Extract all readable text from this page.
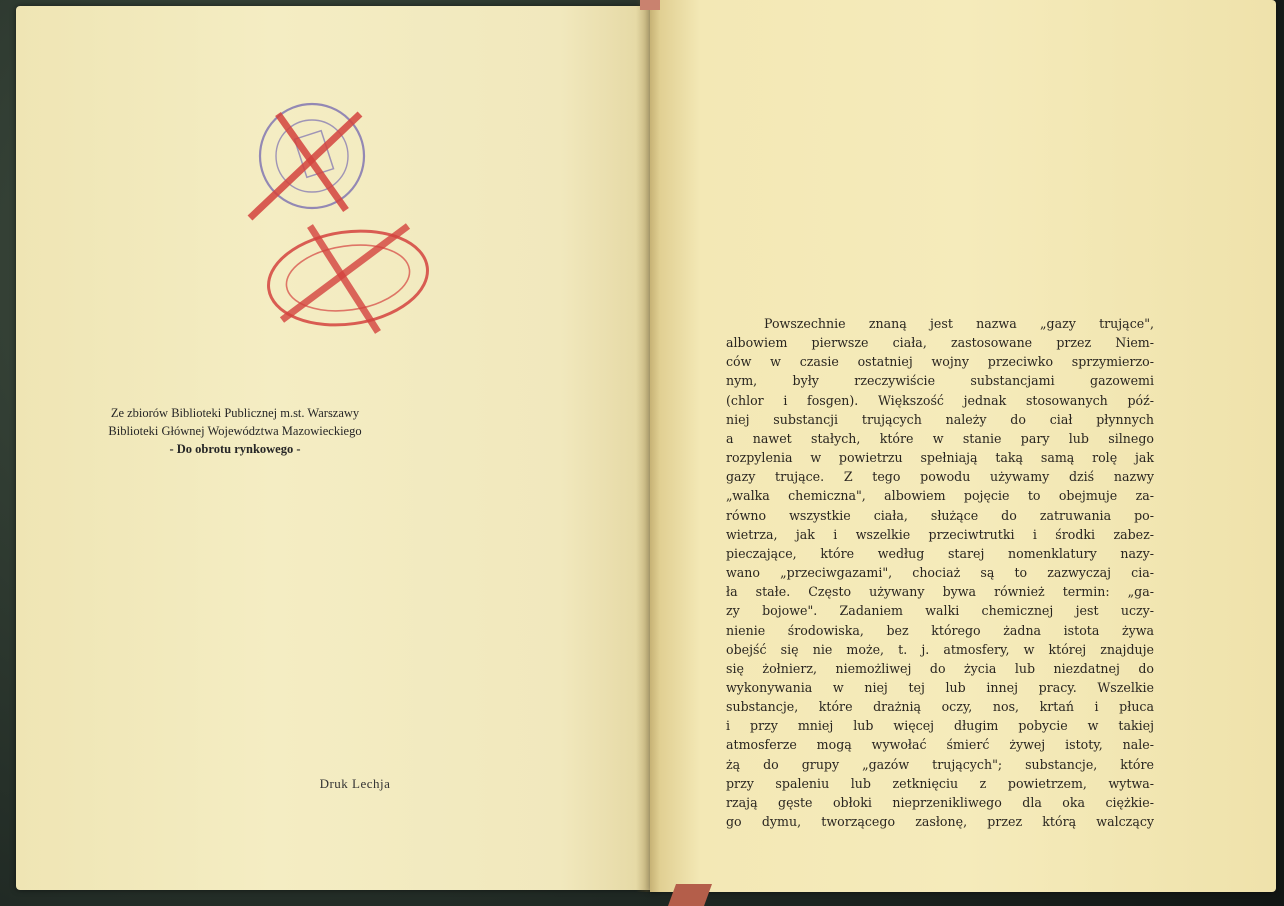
Ze zbiorów Biblioteki Publicznej m.st. Warszawy
Biblioteki Głównej Województwa Mazowieckiego
- Do obrotu rynkowego -
Druk Lechja
Powszechnie znaną jest nazwa „gazy trujące",
albowiem pierwsze ciała, zastosowane przez Niem-
ców w czasie ostatniej wojny przeciwko sprzymierzo-
nym, były rzeczywiście substancjami gazowemi
(chlor i fosgen). Większość jednak stosowanych póź-
niej substancji trujących należy do ciał płynnych
a nawet stałych, które w stanie pary lub silnego
rozpylenia w powietrzu spełniają taką samą rolę jak
gazy trujące. Z tego powodu używamy dziś nazwy
„walka chemiczna", albowiem pojęcie to obejmuje za-
równo wszystkie ciała, służące do zatruwania po-
wietrza, jak i wszelkie przeciwtrutki i środki zabez-
pieczające, które według starej nomenklatury nazy-
wano „przeciwgazami", chociaż są to zazwyczaj cia-
ła stałe. Często używany bywa również termin: „ga-
zy bojowe". Zadaniem walki chemicznej jest uczy-
nienie środowiska, bez którego żadna istota żywa
obejść się nie może, t. j. atmosfery, w której znajduje
się żołnierz, niemożliwej do życia lub niezdatnej do
wykonywania w niej tej lub innej pracy. Wszelkie
substancje, które drażnią oczy, nos, krtań i płuca
i przy mniej lub więcej długim pobycie w takiej
atmosferze mogą wywołać śmierć żywej istoty, nale-
żą do grupy „gazów trujących"; substancje, które
przy spaleniu lub zetknięciu z powietrzem, wytwa-
rzają gęste obłoki nieprzenikliwego dla oka ciężkie-
go dymu, tworzącego zasłonę, przez którą walczący
